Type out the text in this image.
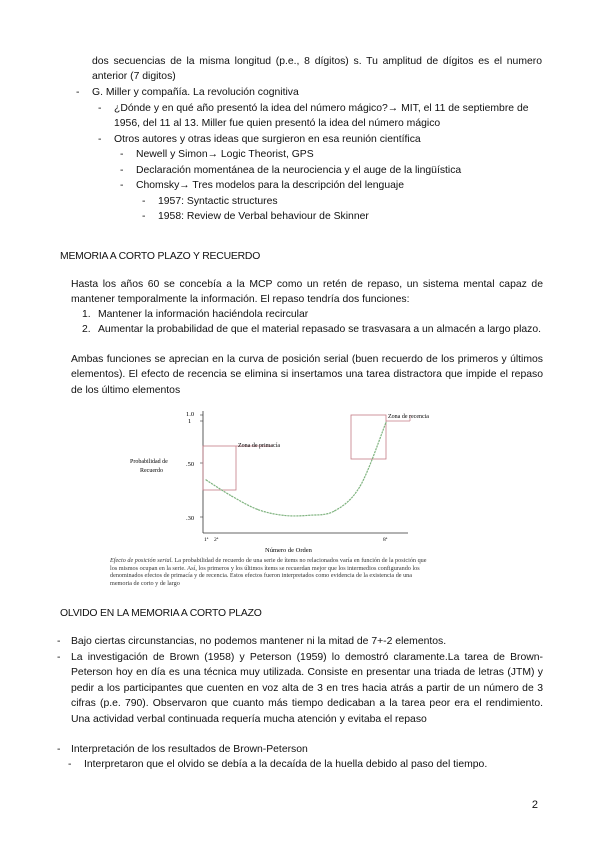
dos secuencias de la misma longitud (p.e., 8 dígitos) s. Tu amplitud de dígitos es el numero anterior (7 digitos)

- G. Miller y compañía. La revolución cognitiva

- ¿Dónde y en qué año presentó la idea del número mágico?→ MIT, el 11 de septiembre de 1956, del 11 al 13. Miller fue quien presentó la idea del número mágico

- Otros autores y otras ideas que surgieron en esa reunión científica

- Newell y Simon→ Logic Theorist, GPS

- Declaración momentánea de la neurociencia y el auge de la lingüística

- Chomsky→ Tres modelos para la descripción del lenguaje

- 1957: Syntactic structures

- 1958: Review de Verbal behaviour de Skinner

MEMORIA A CORTO PLAZO Y RECUERDO

Hasta los años 60 se concebía a la MCP como un retén de repaso, un sistema mental capaz de mantener temporalmente la información. El repaso tendría dos funciones:

1. Mantener la información haciéndola recircular

2. Aumentar la probabilidad de que el material repasado se trasvasara a un almacén a largo plazo.

Ambas funciones se aprecian en la curva de posición serial (buen recuerdo de los primeros y últimos elementos). El efecto de recencia se elimina si insertamos una tarea distractora que impide el repaso de los último elementos

1.0
1
.50
.30
Probabilidad de
Recuerdo
1ª 2ª	8ª
Número de Orden
Zona de primacía
Zona de recencia

Efecto de posición serial. La probabilidad de recuerdo de una serie de ítems no relacionados varía en función de la posición que los mismos ocupan en la serie. Así, los primeros y los últimos ítems se recuerdan mejor que los intermedios configurando los denominados efectos de primacía y de recencia. Estos efectos fueron interpretados como evidencia de la existencia de una memoria de corto y de largo

OLVIDO EN LA MEMORIA A CORTO PLAZO

- Bajo ciertas circunstancias, no podemos mantener ni la mitad de 7+-2 elementos.

- La investigación de Brown (1958) y Peterson (1959) lo demostró claramente.La tarea de Brown-Peterson hoy en día es una técnica muy utilizada. Consiste en presentar una triada de letras (JTM) y pedir a los participantes que cuenten en voz alta de 3 en tres hacia atrás a partir de un número de 3 cifras (p.e. 790). Observaron que cuanto más tiempo dedicaban a la tarea peor era el rendimiento. Una actividad verbal continuada requería mucha atención y evitaba el repaso

- Interpretación de los resultados de Brown-Peterson

- Interpretaron que el olvido se debía a la decaída de la huella debido al paso del tiempo.

2
